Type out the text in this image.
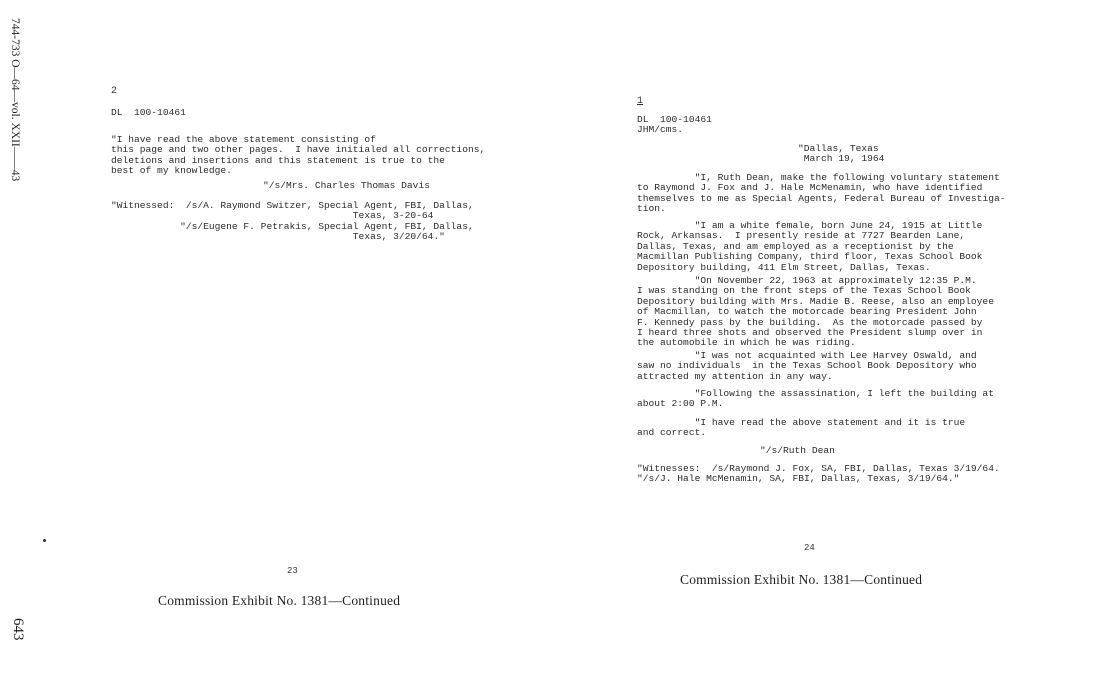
744-733 O—64—vol. XXII——43
643
2
DL  100-10461
"I have read the above statement consisting of
this page and two other pages.  I have initialed all corrections,
deletions and insertions and this statement is true to the
best of my knowledge.
"/s/Mrs. Charles Thomas Davis
"Witnessed:  /s/A. Raymond Switzer, Special Agent, FBI, Dallas,
Texas, 3-20-64
"/s/Eugene F. Petrakis, Special Agent, FBI, Dallas,
Texas, 3/20/64."
23
Commission Exhibit No. 1381—Continued
1
DL  100-10461
JHM/cms.
"Dallas, Texas
March 19, 1964
"I, Ruth Dean, make the following voluntary statement
to Raymond J. Fox and J. Hale McMenamin, who have identified
themselves to me as Special Agents, Federal Bureau of Investiga-
tion.
"I am a white female, born June 24, 1915 at Little
Rock, Arkansas.  I presently reside at 7727 Bearden Lane,
Dallas, Texas, and am employed as a receptionist by the
Macmillan Publishing Company, third floor, Texas School Book
Depository building, 411 Elm Street, Dallas, Texas.
"On November 22, 1963 at approximately 12:35 P.M.
I was standing on the front steps of the Texas School Book
Depository building with Mrs. Madie B. Reese, also an employee
of Macmillan, to watch the motorcade bearing President John
F. Kennedy pass by the building.  As the motorcade passed by
I heard three shots and observed the President slump over in
the automobile in which he was riding.
"I was not acquainted with Lee Harvey Oswald, and
saw no individuals  in the Texas School Book Depository who
attracted my attention in any way.
"Following the assassination, I left the building at
about 2:00 P.M.
"I have read the above statement and it is true
and correct.
"/s/Ruth Dean
"Witnesses:  /s/Raymond J. Fox, SA, FBI, Dallas, Texas 3/19/64.
"/s/J. Hale McMenamin, SA, FBI, Dallas, Texas, 3/19/64."
24
Commission Exhibit No. 1381—Continued
